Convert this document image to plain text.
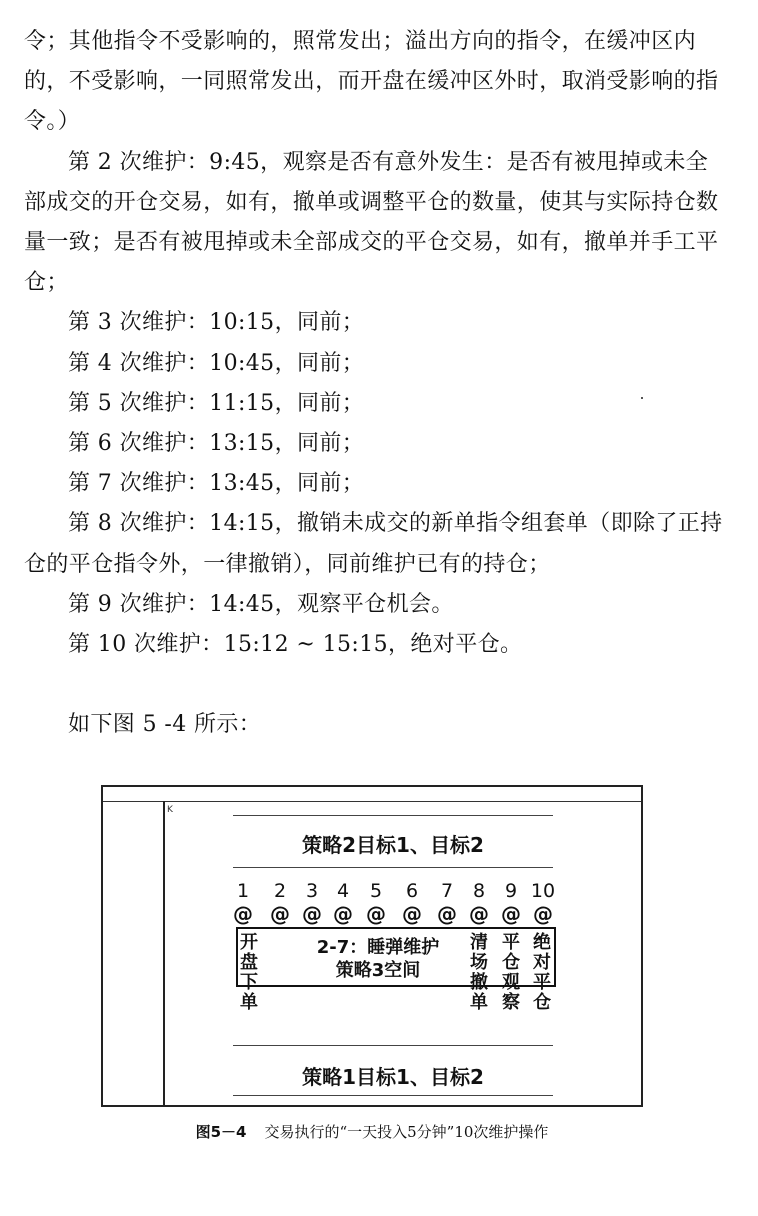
令；其他指令不受影响的，照常发出；溢出方向的指令，在缓冲区内的，不受影响，一同照常发出，而开盘在缓冲区外时，取消受影响的指令。）

第 2 次维护：9:45，观察是否有意外发生：是否有被甩掉或未全部成交的开仓交易，如有，撤单或调整平仓的数量，使其与实际持仓数量一致；是否有被甩掉或未全部成交的平仓交易，如有，撤单并手工平仓；

第 3 次维护：10:15，同前；

第 4 次维护：10:45，同前；

第 5 次维护：11:15，同前；

第 6 次维护：13:15，同前；

第 7 次维护：13:45，同前；

第 8 次维护：14:15，撤销未成交的新单指令组套单（即除了正持仓的平仓指令外，一律撤销），同前维护已有的持仓；

第 9 次维护：14:45，观察平仓机会。

第 10 次维护：15:12 ~ 15:15，绝对平仓。

如下图 5 -4 所示：

K
策略2目标1、目标2
1	2	3 4	5	6	7	8	9 10
@ @ @ @ @ @ @ @ @ @
开
盘
下
单
2-7：睡弹维护
策略3空间
清
场
撤
单
平
仓
观
察
绝
对
平
仓
策略1目标1、目标2
图5－4 交易执行的“一天投入5分钟”10次维护操作
